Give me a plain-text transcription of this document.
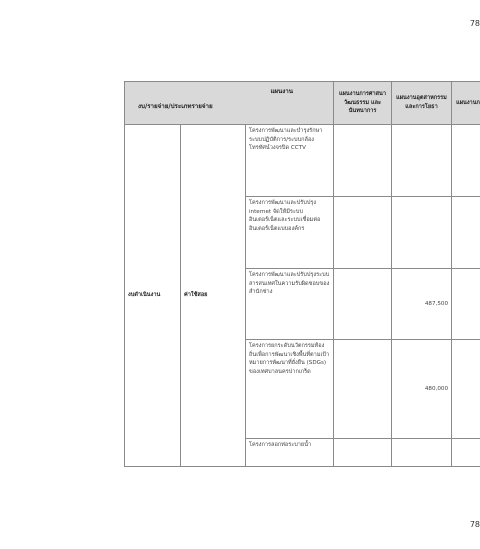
78
แผนงาน
งบ/รายจ่าย/ประเภทรายจ่าย			แผนงานการศาสนาวัฒนธรรม และนันทนาการ	แผนงานอุตสาหกรรมและการโยธา	แผนงานก
งบดำเนินงาน	ค่าใช้สอย	โครงการพัฒนาและบำรุงรักษาระบบปฏิบัติการ/ระบบกล้องโทรทัศน์วงจรปิด CCTV			
		โครงการพัฒนาและปรับปรุง internet จัดให้มีระบบอินเตอร์เน็ตและระบบเชื่อมต่ออินเตอร์เน็ตแบบองค์กร			
		โครงการพัฒนาและปรับปรุงระบบสารสนเทศในความรับผิดชอบของสำนักช่าง		487,500	
		โครงการยกระดับนวัตกรรมท้องถิ่นเพื่อการพัฒนาเชิงพื้นที่ตามเป้าหมายการพัฒนาที่ยั่งยืน (SDGs) ของเทศบาลนครปากเกร็ด		480,000	
		โครงการลอกท่อระบายน้ำ			
78
